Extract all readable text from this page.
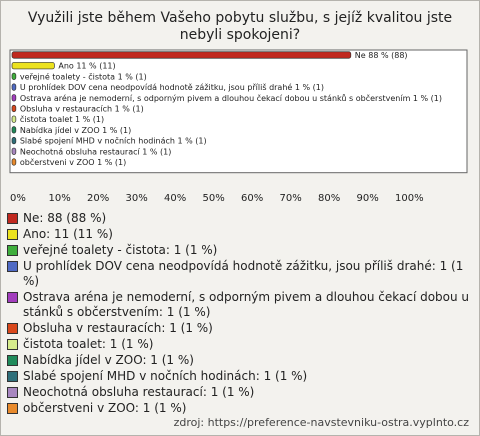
Využili jste během Vašeho pobytu službu, s jejíž kvalitou jste nebyli spokojeni?
Ne 88 % (88)
Ano 11 % (11)
veřejné toalety - čistota 1 % (1)
U prohlídek DOV cena neodpovídá hodnotě zážitku, jsou příliš drahé 1 % (1)
Ostrava aréna je nemoderní, s odporným pivem a dlouhou čekací dobou u stánků s občerstvením 1 % (1)
Obsluha v restauracích 1 % (1)
čistota toalet 1 % (1)
Nabídka jídel v ZOO 1 % (1)
Slabé spojení MHD v nočních hodinách 1 % (1)
Neochotná obsluha restaurací 1 % (1)
občerstveni v ZOO 1 % (1)
0% 10% 20% 30% 40% 50% 60% 70% 80% 90% 100%
Ne: 88 (88 %)
Ano: 11 (11 %)
veřejné toalety - čistota: 1 (1 %)
U prohlídek DOV cena neodpovídá hodnotě zážitku, jsou příliš drahé: 1 (1 %)
Ostrava aréna je nemoderní, s odporným pivem a dlouhou čekací dobou u stánků s občerstvením: 1 (1 %)
Obsluha v restauracích: 1 (1 %)
čistota toalet: 1 (1 %)
Nabídka jídel v ZOO: 1 (1 %)
Slabé spojení MHD v nočních hodinách: 1 (1 %)
Neochotná obsluha restaurací: 1 (1 %)
občerstveni v ZOO: 1 (1 %)
zdroj: https://preference-navstevniku-ostra.vyplnto.cz
